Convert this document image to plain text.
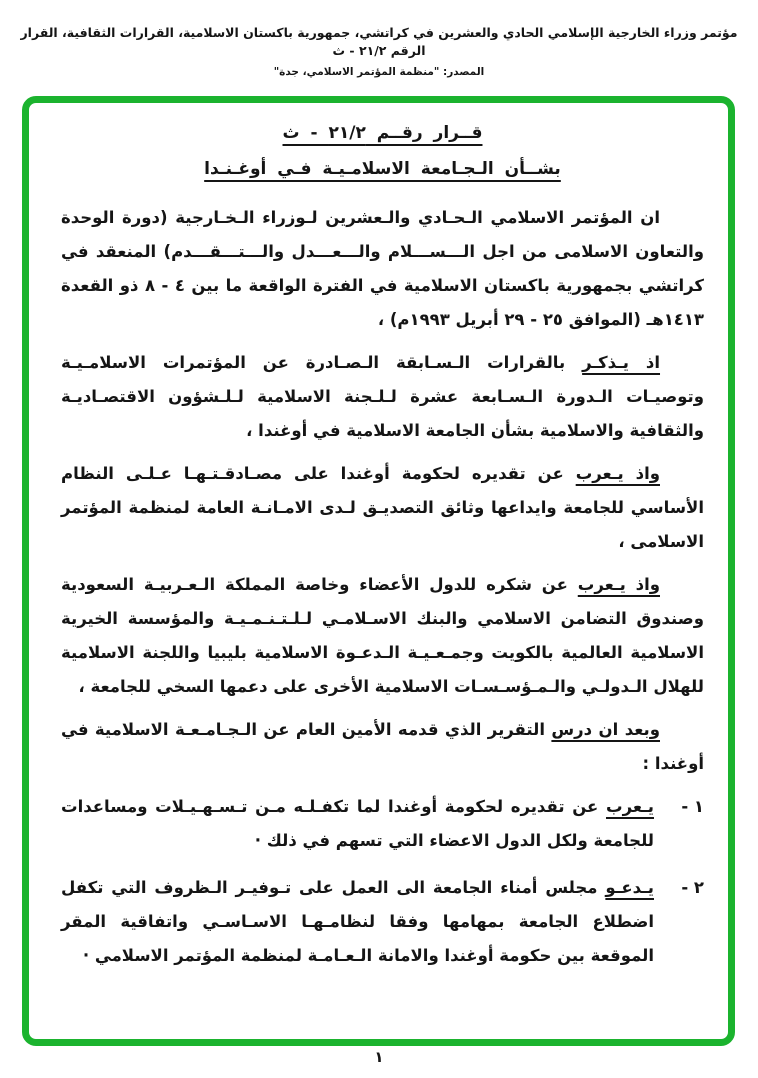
مؤتمر وزراء الخارجية الإسلامي الحادي والعشرين في كراتشي، جمهورية باكستان الاسلامية، القرارات الثقافية، القرار الرقم ٢١/٢ - ث
المصدر: "منظمة المؤتمر الاسلامي، جدة"
قــرار رقــم ٢١/٢ - ث
بشــأن الـجـامعة الاسلامـيـة فـي أوغـنـدا

ان المؤتمر الاسلامي الـحـادي والـعشرين لـوزراء الـخـارجية (دورة الوحدة والتعاون الاسلامى من اجل الـــســـلام والـــعـــدل والـــتـــقـــدم) المنعقد في كراتشي بجمهورية باكستان الاسلامية في الفترة الواقعة ما بين ٤ - ٨ ذو القعدة ١٤١٣هـ (الموافق ٢٥ - ٢٩ أبريل ١٩٩٣م) ،

اذ يـذكـر بالقرارات الـسـابقة الـصـادرة عن المؤتمرات الاسلامـيـة وتوصيـات الـدورة الـسـابعة عشرة لـلـجنة الاسلامية لـلـشؤون الاقتصـاديـة والثقافية والاسلامية بشأن الجامعة الاسلامية في أوغندا ،

واذ يـعرب عن تقديره لحكومة أوغندا على مصـادقـتـهـا عـلـى النظام الأساسي للجامعة وايداعها وثائق التصديـق لـدى الامـانـة العامة لمنظمة المؤتمر الاسلامى ،

واذ يـعرب عن شكره للدول الأعضاء وخاصة المملكة الـعـربيـة السعودية وصندوق التضامن الاسلامي والبنك الاسـلامـي لـلـتـنـمـيـة والمؤسسة الخيرية الاسلامية العالمية بالكويت وجمـعـيـة الـدعـوة الاسلامية بليبيا واللجنة الاسلامية للهلال الـدولـي والـمـؤسـسـات الاسلامية الأخرى على دعمها السخي للجامعة ،

وبعد ان درس التقرير الذي قدمه الأمين العام عن الـجـامـعـة الاسلامية في أوغندا :

- ١
يـعرب عن تقديره لحكومة أوغندا لما تكفـلـه مـن تـسـهـيـلات ومساعدات للجامعة ولكل الدول الاعضاء التي تسهم في ذلك ·
- ٢
يـدعـو مجلس أمناء الجامعة الى العمل على تـوفيـر الـظروف التي تكفل اضطلاع الجامعة بمهامها وفقا لنظامـهـا الاسـاسـي واتفاقية المقر الموقعة بين حكومة أوغندا والامانة الـعـامـة لمنظمة المؤتمر الاسلامي ·
١
